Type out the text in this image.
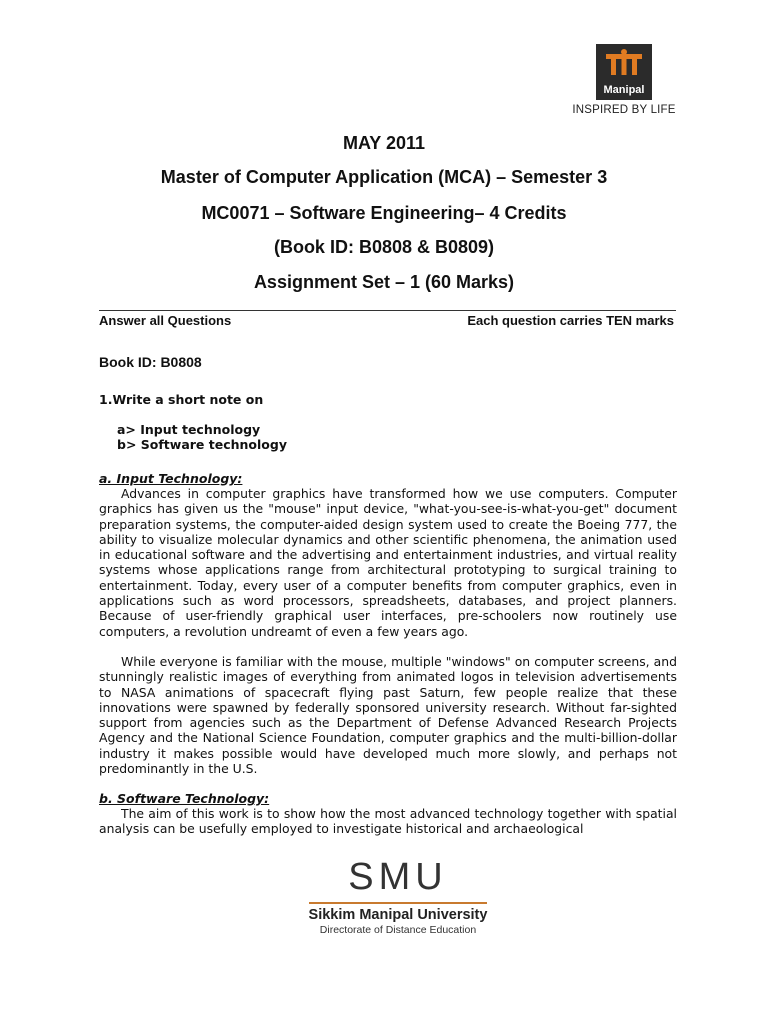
Manipal
INSPIRED BY LIFE
MAY 2011
Master of Computer Application (MCA) – Semester 3
MC0071 – Software Engineering– 4 Credits
(Book ID: B0808 & B0809)
Assignment Set – 1 (60 Marks)
Answer all Questions	Each question carries TEN marks
Book ID: B0808
1.Write a short note on
a> Input technology
b> Software technology
a. Input Technology:

Advances in computer graphics have transformed how we use computers. Computer graphics has given us the "mouse" input device, "what-you-see-is-what-you-get" document preparation systems, the computer-aided design system used to create the Boeing 777, the ability to visualize molecular dynamics and other scientific phenomena, the animation used in educational software and the advertising and entertainment industries, and virtual reality systems whose applications range from architectural prototyping to surgical training to entertainment. Today, every user of a computer benefits from computer graphics, even in applications such as word processors, spreadsheets, databases, and project planners. Because of user-friendly graphical user interfaces, pre-schoolers now routinely use computers, a revolution undreamt of even a few years ago.

While everyone is familiar with the mouse, multiple "windows" on computer screens, and stunningly realistic images of everything from animated logos in television advertisements to NASA animations of spacecraft flying past Saturn, few people realize that these innovations were spawned by federally sponsored university research. Without far-sighted support from agencies such as the Department of Defense Advanced Research Projects Agency and the National Science Foundation, computer graphics and the multi-billion-dollar industry it makes possible would have developed much more slowly, and perhaps not predominantly in the U.S.

b. Software Technology:

The aim of this work is to show how the most advanced technology together with spatial analysis can be usefully employed to investigate historical and archaeological

SMU
Sikkim Manipal University
Directorate of Distance Education
